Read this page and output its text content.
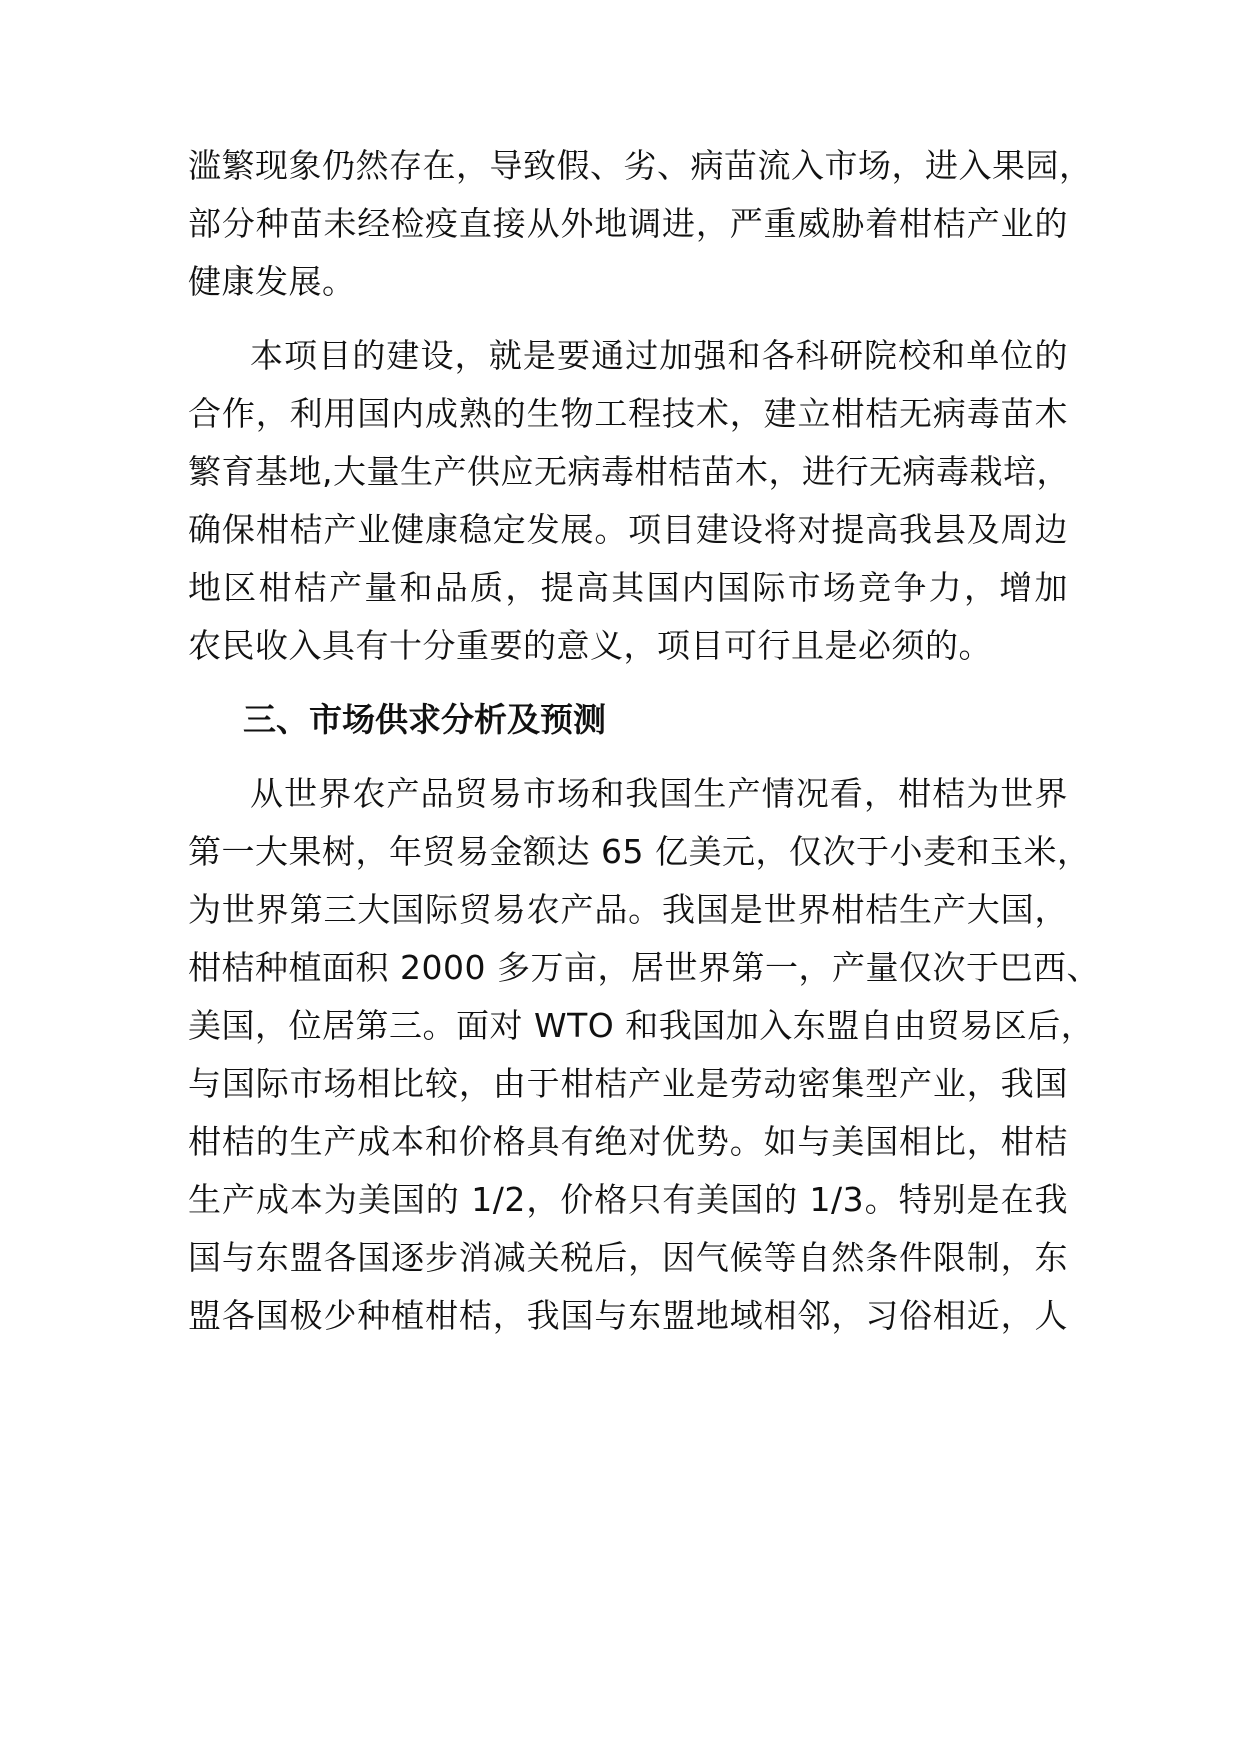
滥繁现象仍然存在，导致假、劣、病苗流入市场，进入果园，
部分种苗未经检疫直接从外地调进，严重威胁着柑桔产业的
健康发展。
本项目的建设，就是要通过加强和各科研院校和单位的
合作，利用国内成熟的生物工程技术，建立柑桔无病毒苗木
繁育基地,大量生产供应无病毒柑桔苗木，进行无病毒栽培，
确保柑桔产业健康稳定发展。项目建设将对提高我县及周边
地区柑桔产量和品质，提高其国内国际市场竞争力，增加
农民收入具有十分重要的意义，项目可行且是必须的。
三、市场供求分析及预测
从世界农产品贸易市场和我国生产情况看，柑桔为世界
第一大果树，年贸易金额达 65 亿美元，仅次于小麦和玉米，
为世界第三大国际贸易农产品。我国是世界柑桔生产大国，
柑桔种植面积 2000 多万亩，居世界第一，产量仅次于巴西、
美国，位居第三。面对 WTO 和我国加入东盟自由贸易区后，
与国际市场相比较，由于柑桔产业是劳动密集型产业，我国
柑桔的生产成本和价格具有绝对优势。如与美国相比，柑桔
生产成本为美国的 1/2，价格只有美国的 1/3。特别是在我
国与东盟各国逐步消减关税后，因气候等自然条件限制，东
盟各国极少种植柑桔，我国与东盟地域相邻，习俗相近，人
